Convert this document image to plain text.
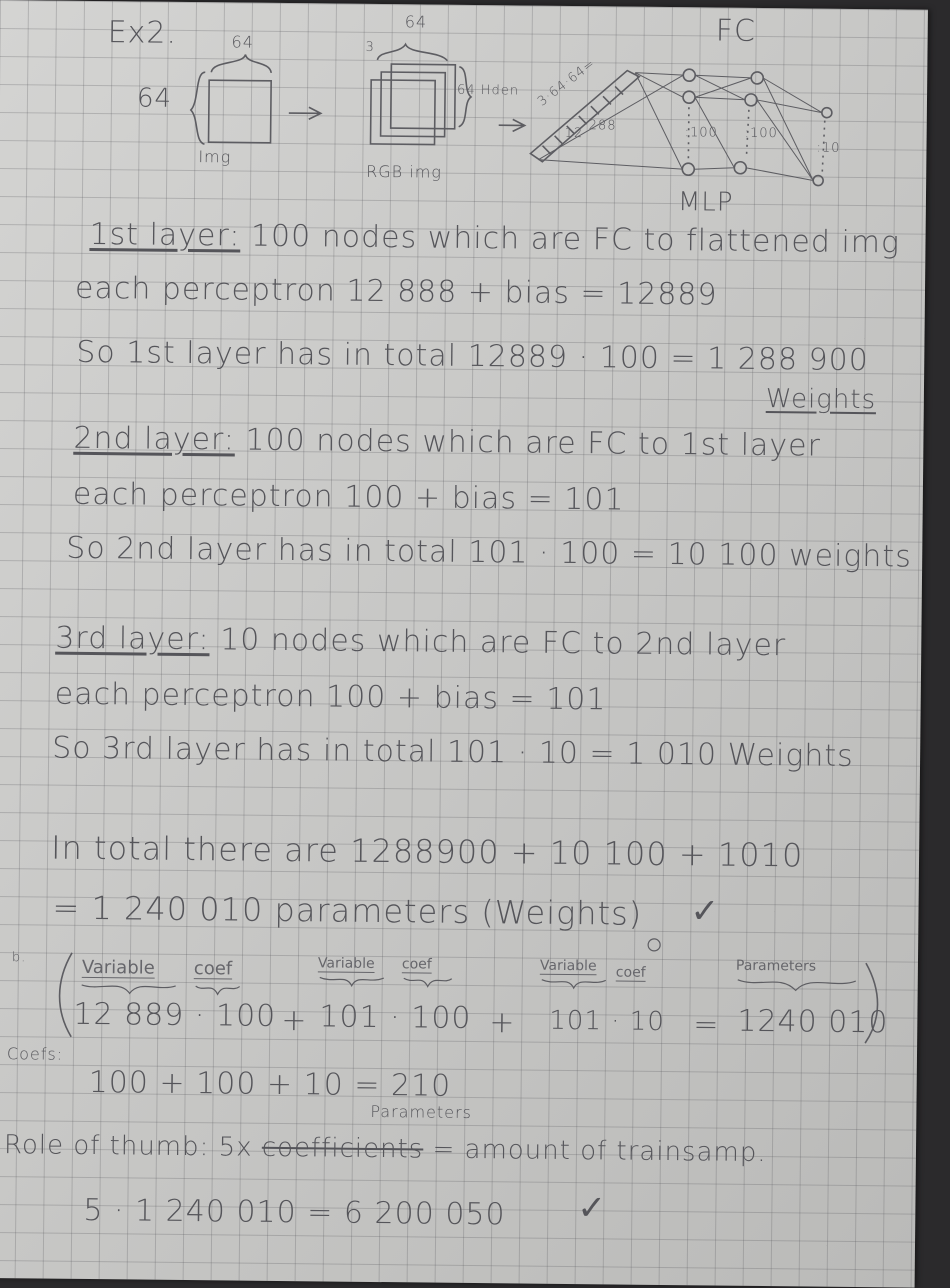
Ex2.	64
64
Img
3
64
64 Hden
RGB img
3·64·64=
12
288
FC
MLP
:100 :100
:10
1st layer: 100 nodes which are FC to flattened img
each perceptron 12 888 + bias = 12889
So 1st layer has in total 12889 · 100 = 1 288 900
Weights
2nd layer: 100 nodes which are FC to 1st layer
each perceptron 100 + bias = 101
So 2nd layer has in total 101 · 100 = 10 100 weights
3rd layer: 10 nodes which are FC to 2nd layer
each perceptron 100 + bias = 101
So 3rd layer has in total 101 · 10 = 1 010 Weights
In total there are 1288900 + 10 100 + 1010
= 1 240 010 parameters (Weights) ✓
b.	Variable coef	Variable coef	Variable coef	Parameters
12 889 · 100 + 101 · 100 + 101 · 10 = 1240 010
Coefs:
100 + 100 + 10 = 210
Parameters
Role of thumb: 5x coefficients = amount of trainsamp.
5 · 1 240 010 = 6 200 050 ✓
